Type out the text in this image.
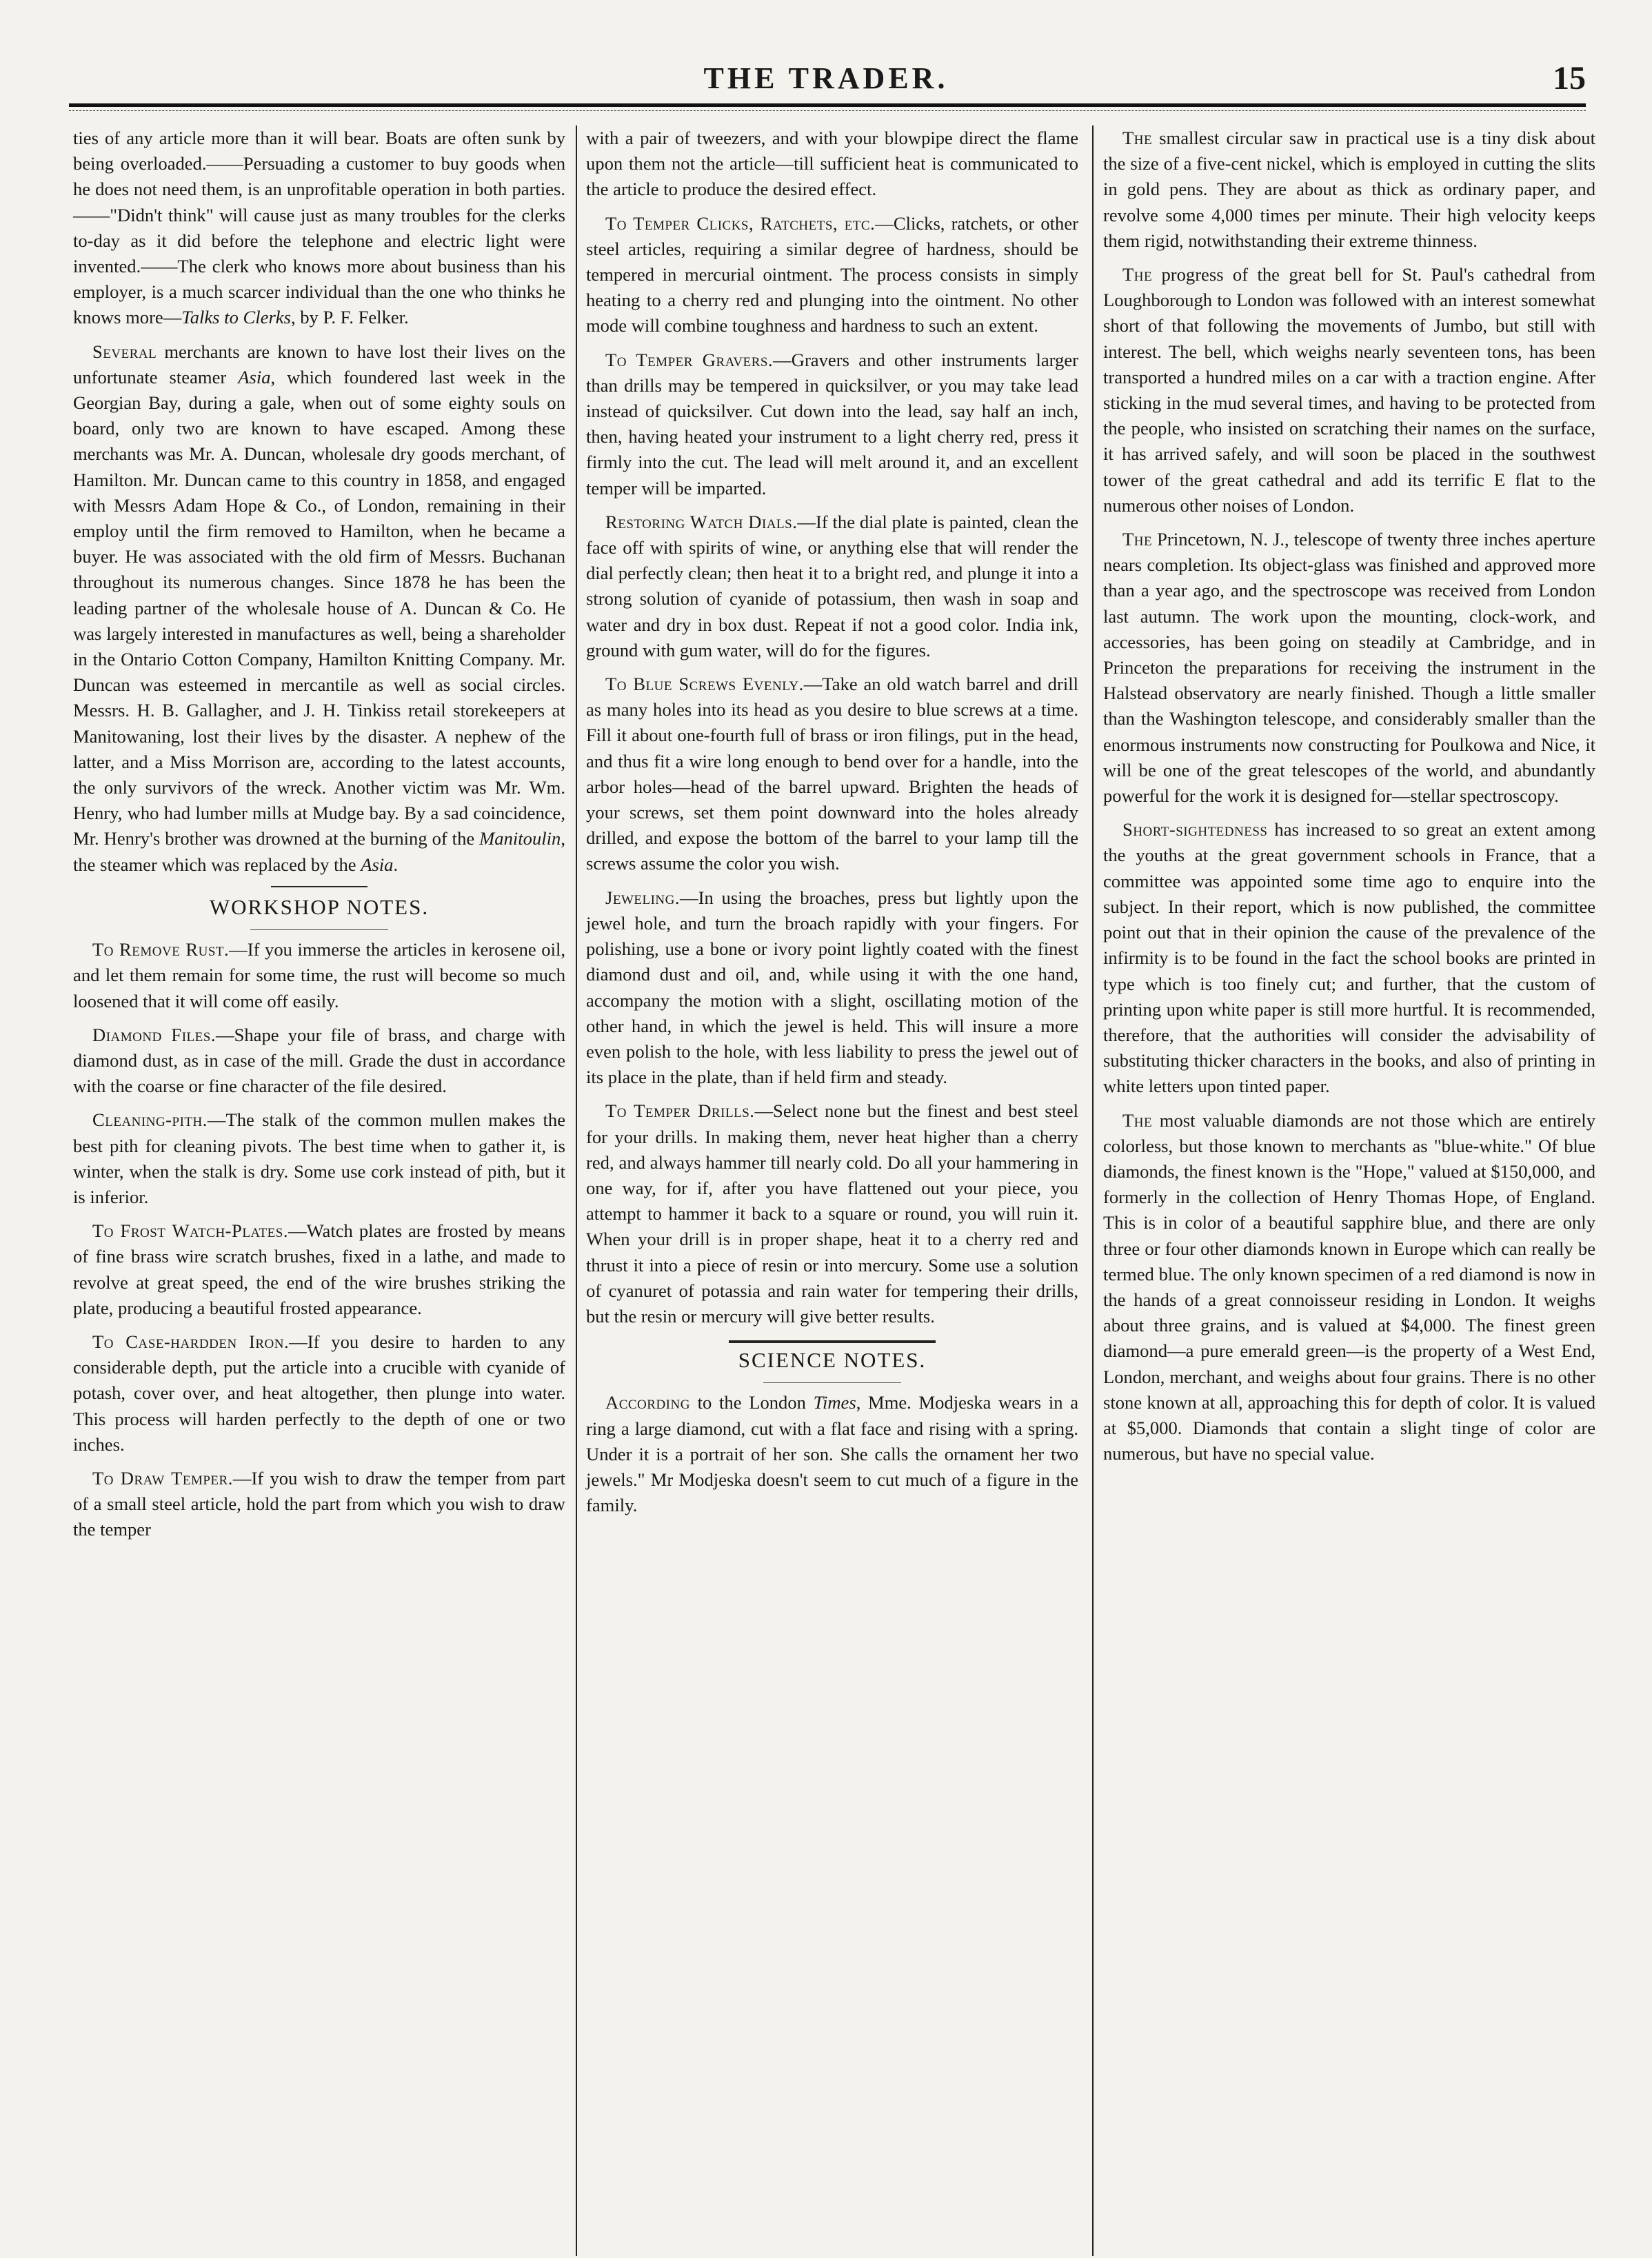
THE TRADER.	15

ties of any article more than it will bear. Boats are often sunk by being overloaded.——Persuading a customer to buy goods when he does not need them, is an unprofitable operation in both parties.——"Didn't think" will cause just as many troubles for the clerks to-day as it did before the telephone and electric light were invented.——The clerk who knows more about business than his employer, is a much scarcer individual than the one who thinks he knows more—Talks to Clerks, by P. F. Felker.

Several merchants are known to have lost their lives on the unfortunate steamer Asia, which foundered last week in the Georgian Bay, during a gale, when out of some eighty souls on board, only two are known to have escaped. Among these merchants was Mr. A. Duncan, wholesale dry goods merchant, of Hamilton. Mr. Duncan came to this country in 1858, and engaged with Messrs Adam Hope & Co., of London, remaining in their employ until the firm removed to Hamilton, when he became a buyer. He was associated with the old firm of Messrs. Buchanan throughout its numerous changes. Since 1878 he has been the leading partner of the wholesale house of A. Duncan & Co. He was largely interested in manufactures as well, being a shareholder in the Ontario Cotton Company, Hamilton Knitting Company. Mr. Duncan was esteemed in mercantile as well as social circles. Messrs. H. B. Gallagher, and J. H. Tinkiss retail storekeepers at Manitowaning, lost their lives by the disaster. A nephew of the latter, and a Miss Morrison are, according to the latest accounts, the only survivors of the wreck. Another victim was Mr. Wm. Henry, who had lumber mills at Mudge bay. By a sad coincidence, Mr. Henry's brother was drowned at the burning of the Manitoulin, the steamer which was replaced by the Asia.

WORKSHOP NOTES.

To Remove Rust.—If you immerse the articles in kerosene oil, and let them remain for some time, the rust will become so much loosened that it will come off easily.

Diamond Files.—Shape your file of brass, and charge with diamond dust, as in case of the mill. Grade the dust in accordance with the coarse or fine character of the file desired.

Cleaning-pith.—The stalk of the common mullen makes the best pith for cleaning pivots. The best time when to gather it, is winter, when the stalk is dry. Some use cork instead of pith, but it is inferior.

To Frost Watch-Plates.—Watch plates are frosted by means of fine brass wire scratch brushes, fixed in a lathe, and made to revolve at great speed, the end of the wire brushes striking the plate, producing a beautiful frosted appearance.

To Case-hardden Iron.—If you desire to harden to any considerable depth, put the article into a crucible with cyanide of potash, cover over, and heat altogether, then plunge into water. This process will harden perfectly to the depth of one or two inches.

To Draw Temper.—If you wish to draw the temper from part of a small steel article, hold the part from which you wish to draw the temper

with a pair of tweezers, and with your blowpipe direct the flame upon them not the article—till sufficient heat is communicated to the article to produce the desired effect.

To Temper Clicks, Ratchets, etc.—Clicks, ratchets, or other steel articles, requiring a similar degree of hardness, should be tempered in mercurial ointment. The process consists in simply heating to a cherry red and plunging into the ointment. No other mode will combine toughness and hardness to such an extent.

To Temper Gravers.—Gravers and other instruments larger than drills may be tempered in quicksilver, or you may take lead instead of quicksilver. Cut down into the lead, say half an inch, then, having heated your instrument to a light cherry red, press it firmly into the cut. The lead will melt around it, and an excellent temper will be imparted.

Restoring Watch Dials.—If the dial plate is painted, clean the face off with spirits of wine, or anything else that will render the dial perfectly clean; then heat it to a bright red, and plunge it into a strong solution of cyanide of potassium, then wash in soap and water and dry in box dust. Repeat if not a good color. India ink, ground with gum water, will do for the figures.

To Blue Screws Evenly.—Take an old watch barrel and drill as many holes into its head as you desire to blue screws at a time. Fill it about one-fourth full of brass or iron filings, put in the head, and thus fit a wire long enough to bend over for a handle, into the arbor holes—head of the barrel upward. Brighten the heads of your screws, set them point downward into the holes already drilled, and expose the bottom of the barrel to your lamp till the screws assume the color you wish.

Jeweling.—In using the broaches, press but lightly upon the jewel hole, and turn the broach rapidly with your fingers. For polishing, use a bone or ivory point lightly coated with the finest diamond dust and oil, and, while using it with the one hand, accompany the motion with a slight, oscillating motion of the other hand, in which the jewel is held. This will insure a more even polish to the hole, with less liability to press the jewel out of its place in the plate, than if held firm and steady.

To Temper Drills.—Select none but the finest and best steel for your drills. In making them, never heat higher than a cherry red, and always hammer till nearly cold. Do all your hammering in one way, for if, after you have flattened out your piece, you attempt to hammer it back to a square or round, you will ruin it. When your drill is in proper shape, heat it to a cherry red and thrust it into a piece of resin or into mercury. Some use a solution of cyanuret of potassia and rain water for tempering their drills, but the resin or mercury will give better results.

SCIENCE NOTES.

According to the London Times, Mme. Modjeska wears in a ring a large diamond, cut with a flat face and rising with a spring. Under it is a portrait of her son. She calls the ornament her two jewels." Mr Modjeska doesn't seem to cut much of a figure in the family.

The smallest circular saw in practical use is a tiny disk about the size of a five-cent nickel, which is employed in cutting the slits in gold pens. They are about as thick as ordinary paper, and revolve some 4,000 times per minute. Their high velocity keeps them rigid, notwithstanding their extreme thinness.

The progress of the great bell for St. Paul's cathedral from Loughborough to London was followed with an interest somewhat short of that following the movements of Jumbo, but still with interest. The bell, which weighs nearly seventeen tons, has been transported a hundred miles on a car with a traction engine. After sticking in the mud several times, and having to be protected from the people, who insisted on scratching their names on the surface, it has arrived safely, and will soon be placed in the southwest tower of the great cathedral and add its terrific E flat to the numerous other noises of London.

The Princetown, N. J., telescope of twenty three inches aperture nears completion. Its object-glass was finished and approved more than a year ago, and the spectroscope was received from London last autumn. The work upon the mounting, clock-work, and accessories, has been going on steadily at Cambridge, and in Princeton the preparations for receiving the instrument in the Halstead observatory are nearly finished. Though a little smaller than the Washington telescope, and considerably smaller than the enormous instruments now constructing for Poulkowa and Nice, it will be one of the great telescopes of the world, and abundantly powerful for the work it is designed for—stellar spectroscopy.

Short-sightedness has increased to so great an extent among the youths at the great government schools in France, that a committee was appointed some time ago to enquire into the subject. In their report, which is now published, the committee point out that in their opinion the cause of the prevalence of the infirmity is to be found in the fact the school books are printed in type which is too finely cut; and further, that the custom of printing upon white paper is still more hurtful. It is recommended, therefore, that the authorities will consider the advisability of substituting thicker characters in the books, and also of printing in white letters upon tinted paper.

The most valuable diamonds are not those which are entirely colorless, but those known to merchants as "blue-white." Of blue diamonds, the finest known is the "Hope," valued at $150,000, and formerly in the collection of Henry Thomas Hope, of England. This is in color of a beautiful sapphire blue, and there are only three or four other diamonds known in Europe which can really be termed blue. The only known specimen of a red diamond is now in the hands of a great connoisseur residing in London. It weighs about three grains, and is valued at $4,000. The finest green diamond—a pure emerald green—is the property of a West End, London, merchant, and weighs about four grains. There is no other stone known at all, approaching this for depth of color. It is valued at $5,000. Diamonds that contain a slight tinge of color are numerous, but have no special value.
